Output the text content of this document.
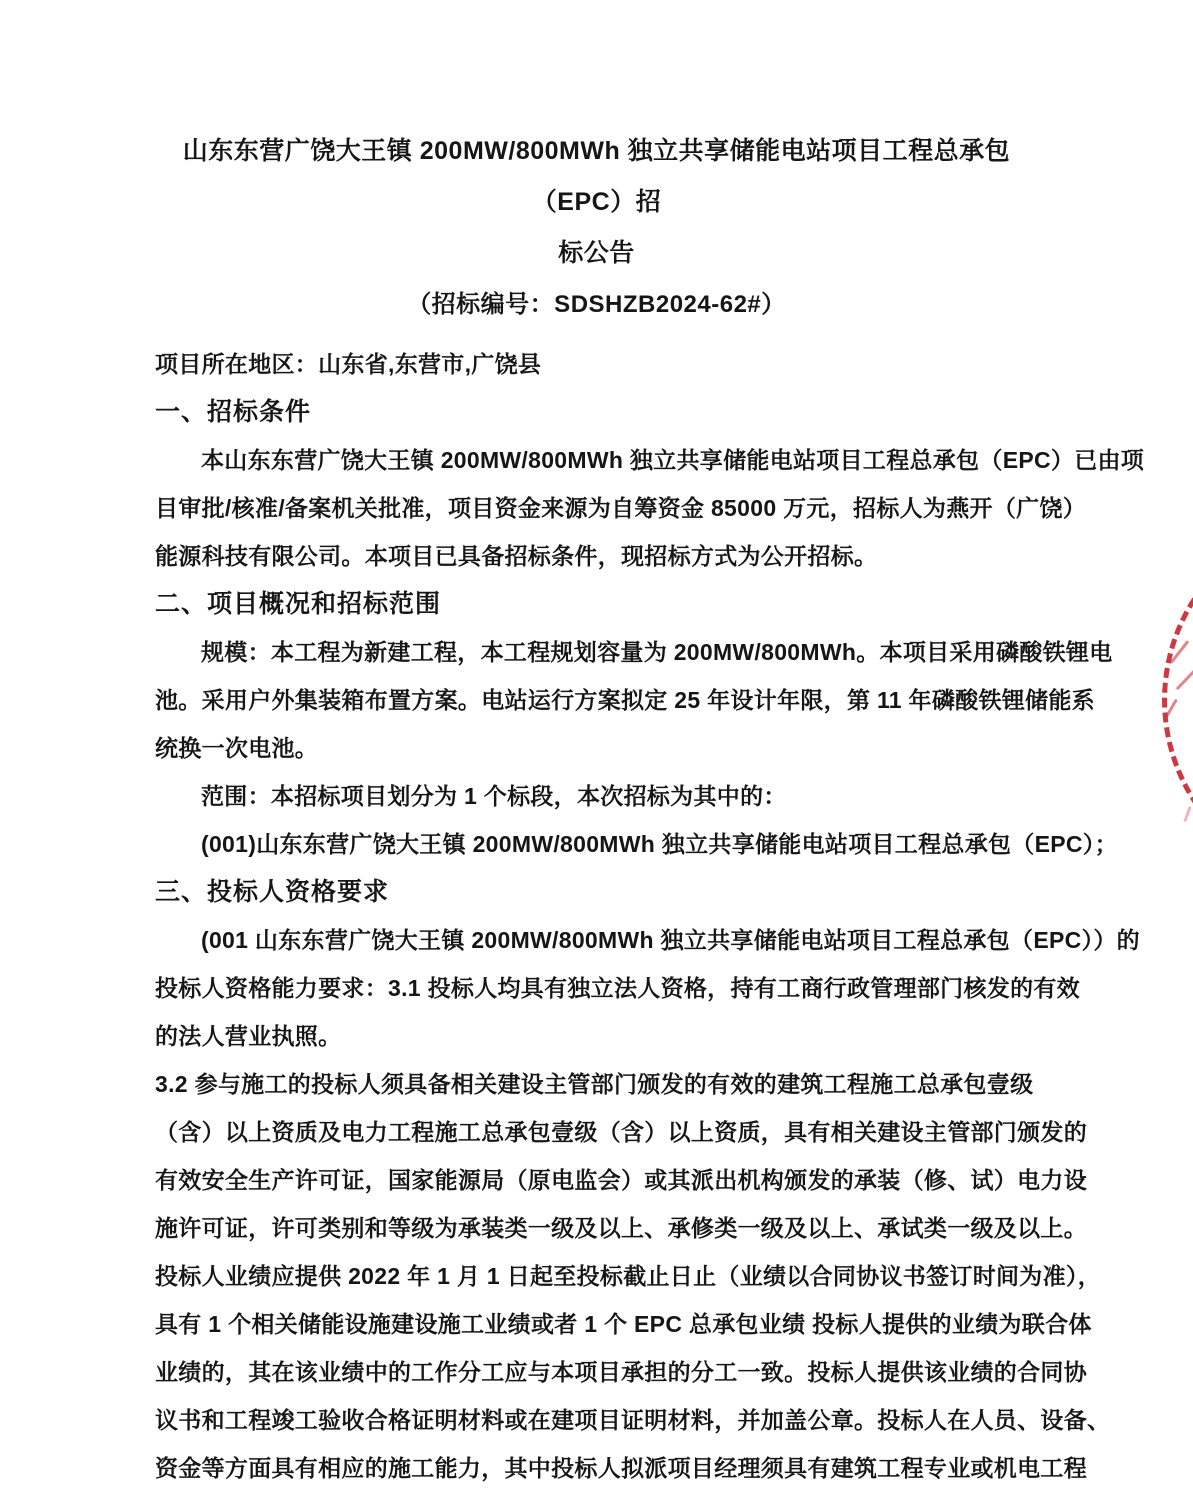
山东东营广饶大王镇 200MW/800MWh 独立共享储能电站项目工程总承包（EPC）招
标公告
（招标编号：SDSHZB2024-62#）
项目所在地区：山东省,东营市,广饶县
一、招标条件
本山东东营广饶大王镇 200MW/800MWh 独立共享储能电站项目工程总承包（EPC）已由项
目审批/核准/备案机关批准，项目资金来源为自筹资金 85000 万元，招标人为燕开（广饶）
能源科技有限公司。本项目已具备招标条件，现招标方式为公开招标。
二、项目概况和招标范围
规模：本工程为新建工程，本工程规划容量为 200MW/800MWh。本项目采用磷酸铁锂电
池。采用户外集装箱布置方案。电站运行方案拟定 25 年设计年限，第 11 年磷酸铁锂储能系
统换一次电池。
范围：本招标项目划分为 1 个标段，本次招标为其中的：
(001)山东东营广饶大王镇 200MW/800MWh 独立共享储能电站项目工程总承包（EPC）；
三、投标人资格要求
(001 山东东营广饶大王镇 200MW/800MWh 独立共享储能电站项目工程总承包（EPC））的
投标人资格能力要求：3.1 投标人均具有独立法人资格，持有工商行政管理部门核发的有效
的法人营业执照。
3.2 参与施工的投标人须具备相关建设主管部门颁发的有效的建筑工程施工总承包壹级
（含）以上资质及电力工程施工总承包壹级（含）以上资质，具有相关建设主管部门颁发的
有效安全生产许可证，国家能源局（原电监会）或其派出机构颁发的承装（修、试）电力设
施许可证，许可类别和等级为承装类一级及以上、承修类一级及以上、承试类一级及以上。
投标人业绩应提供 2022 年 1 月 1 日起至投标截止日止（业绩以合同协议书签订时间为准），
具有 1 个相关储能设施建设施工业绩或者 1 个 EPC 总承包业绩 投标人提供的业绩为联合体
业绩的，其在该业绩中的工作分工应与本项目承担的分工一致。投标人提供该业绩的合同协
议书和工程竣工验收合格证明材料或在建项目证明材料，并加盖公章。投标人在人员、设备、
资金等方面具有相应的施工能力，其中投标人拟派项目经理须具有建筑工程专业或机电工程
